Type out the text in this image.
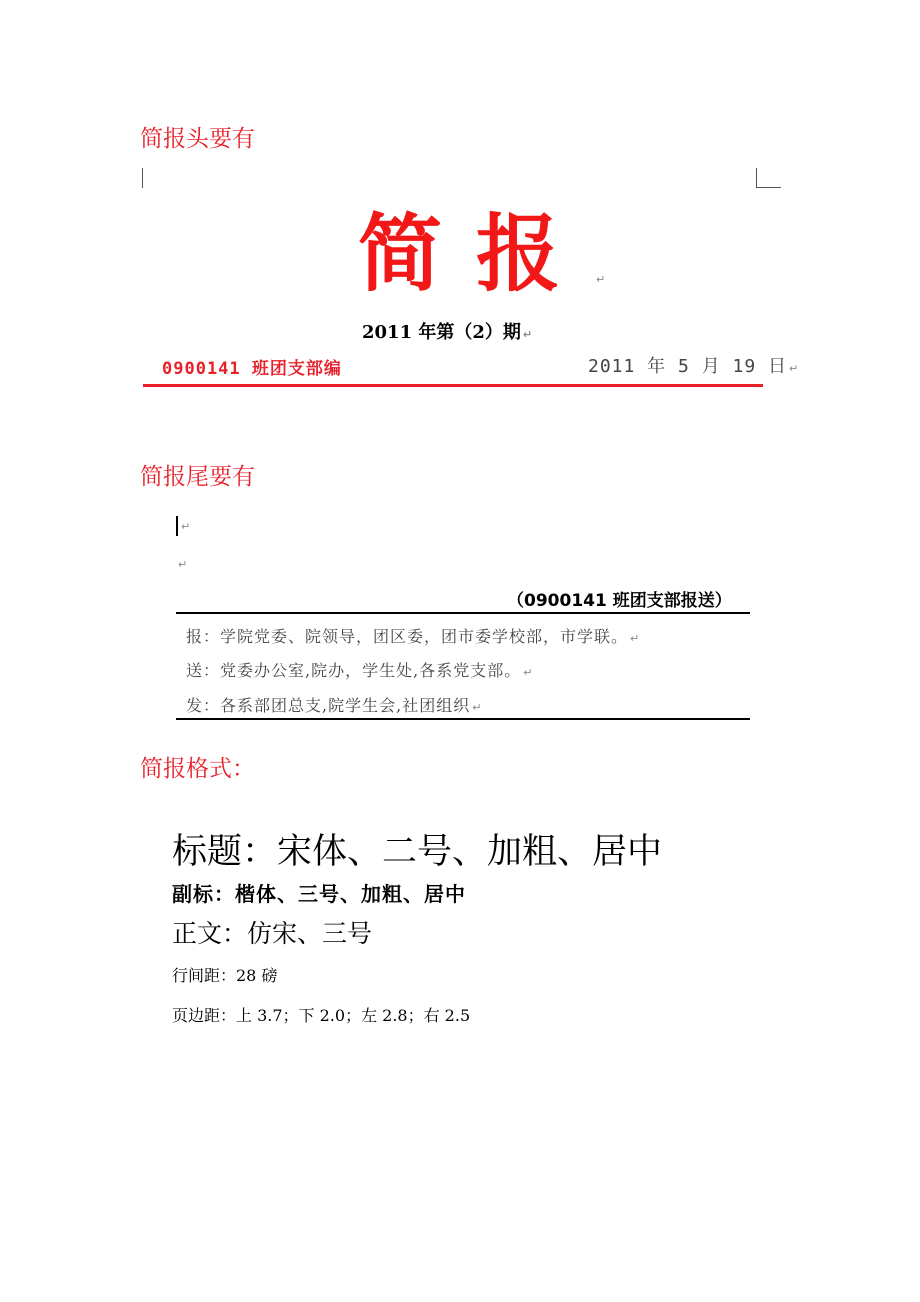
简报头要有
简报 ↵
2011 年第（2）期 ↵
0900141 班团支部编	2011 年 5 月 19 日 ↵
简报尾要有
↵
↵
（0900141 班团支部报送）
报：学院党委、院领导，团区委，团市委学校部，市学联。 ↵
送：党委办公室,院办，学生处,各系党支部。 ↵
发：各系部团总支,院学生会,社团组织 ↵
简报格式：
标题：宋体、二号、加粗、居中
副标：楷体、三号、加粗、居中
正文：仿宋、三号
行间距：28 磅
页边距：上 3.7；下 2.0；左 2.8；右 2.5
